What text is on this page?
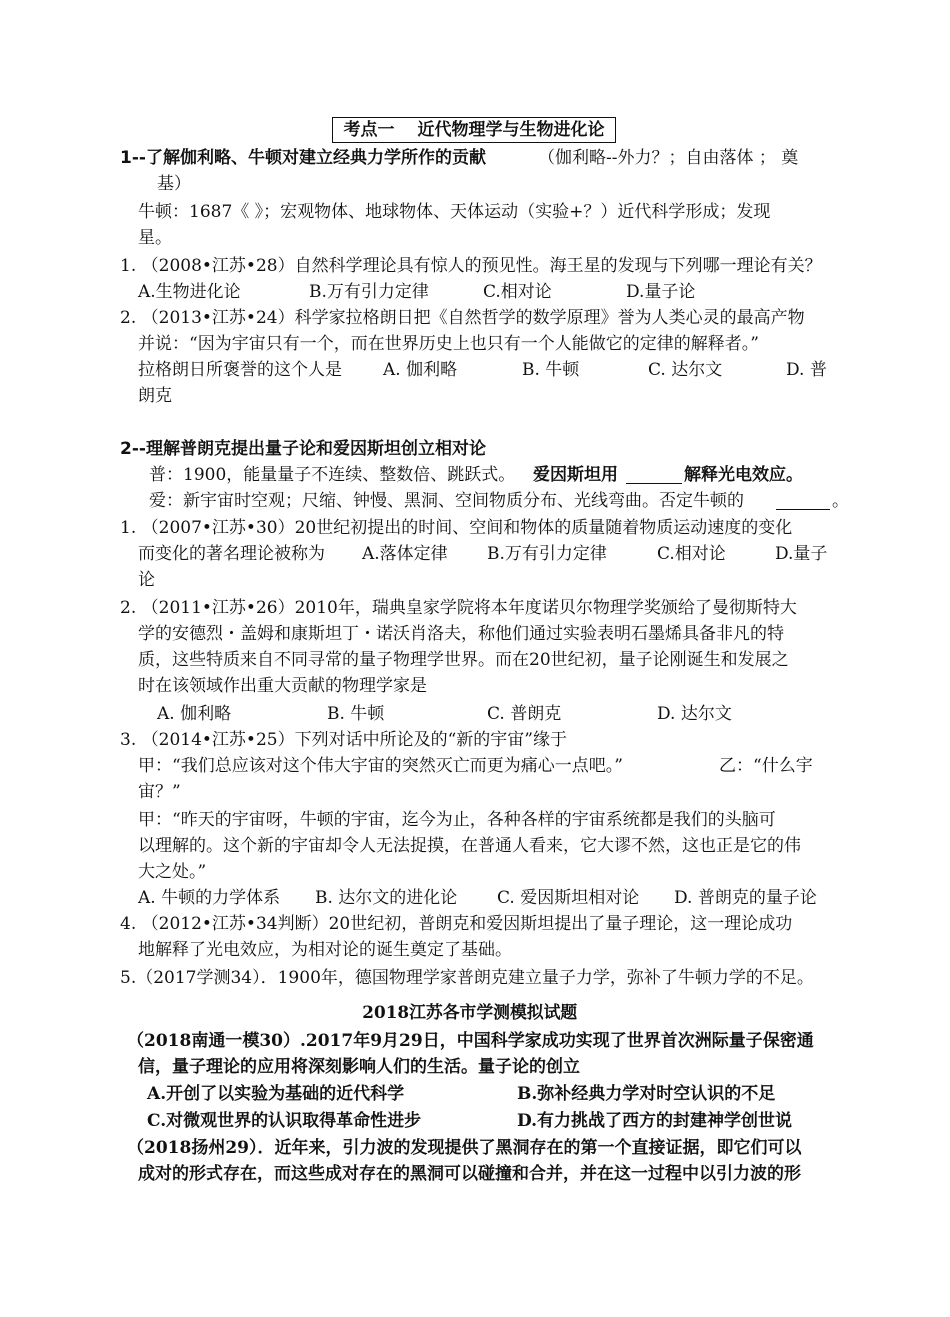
考点一　 近代物理学与生物进化论
1--了解伽利略、牛顿对建立经典力学所作的贡献	（伽利略--外力？；自由落体 ； 奠
基）
牛顿：1687《 》；宏观物体、地球物体、天体运动（实验+？）近代科学形成；发现
星。
1. （2008•江苏•28）自然科学理论具有惊人的预见性。海王星的发现与下列哪一理论有关？
A.生物进化论	B.万有引力定律	C.相对论	D.量子论
2. （2013•江苏•24）科学家拉格朗日把《自然哲学的数学原理》誉为人类心灵的最高产物
并说：“因为宇宙只有一个，而在世界历史上也只有一个人能做它的定律的解释者。”
拉格朗日所褒誉的这个人是 A. 伽利略	B. 牛顿	C. 达尔文	D. 普
朗克
2--理解普朗克提出量子论和爱因斯坦创立相对论
普：1900，能量量子不连续、整数倍、跳跃式。 爱因斯坦用	解释光电效应。
爱：新宇宙时空观；尺缩、钟慢、黑洞、空间物质分布、光线弯曲。否定牛顿的	。
1. （2007•江苏•30）20世纪初提出的时间、空间和物体的质量随着物质运动速度的变化
而变化的著名理论被称为 A.落体定律 B.万有引力定律	C.相对论	D.量子
论
2. （2011•江苏•26）2010年，瑞典皇家学院将本年度诺贝尔物理学奖颁给了曼彻斯特大
学的安德烈・盖姆和康斯坦丁・诺沃肖洛夫，称他们通过实验表明石墨烯具备非凡的特
质，这些特质来自不同寻常的量子物理学世界。而在20世纪初，量子论刚诞生和发展之
时在该领域作出重大贡献的物理学家是
A. 伽利略	B. 牛顿	C. 普朗克	D. 达尔文
3. （2014•江苏•25）下列对话中所论及的“新的宇宙”缘于
甲：“我们总应该对这个伟大宇宙的突然灭亡而更为痛心一点吧。”	乙：“什么宇
宙？”
甲：“昨天的宇宙呀，牛顿的宇宙，迄今为止，各种各样的宇宙系统都是我们的头脑可
以理解的。这个新的宇宙却令人无法捉摸，在普通人看来，它大谬不然，这也正是它的伟
大之处。”
A. 牛顿的力学体系 B. 达尔文的进化论 C. 爱因斯坦相对论 D. 普朗克的量子论
4. （2012•江苏•34判断）20世纪初，普朗克和爱因斯坦提出了量子理论，这一理论成功
地解释了光电效应，为相对论的诞生奠定了基础。
5.（2017学测34）．1900年，德国物理学家普朗克建立量子力学，弥补了牛顿力学的不足。
2018江苏各市学测模拟试题
（2018南通一模30）.2017年9月29日，中国科学家成功实现了世界首次洲际量子保密通
信，量子理论的应用将深刻影响人们的生活。量子论的创立
A.开创了以实验为基础的近代科学	B.弥补经典力学对时空认识的不足
C.对微观世界的认识取得革命性进步	D.有力挑战了西方的封建神学创世说
（2018扬州29）．近年来，引力波的发现提供了黑洞存在的第一个直接证据，即它们可以
成对的形式存在，而这些成对存在的黑洞可以碰撞和合并，并在这一过程中以引力波的形
